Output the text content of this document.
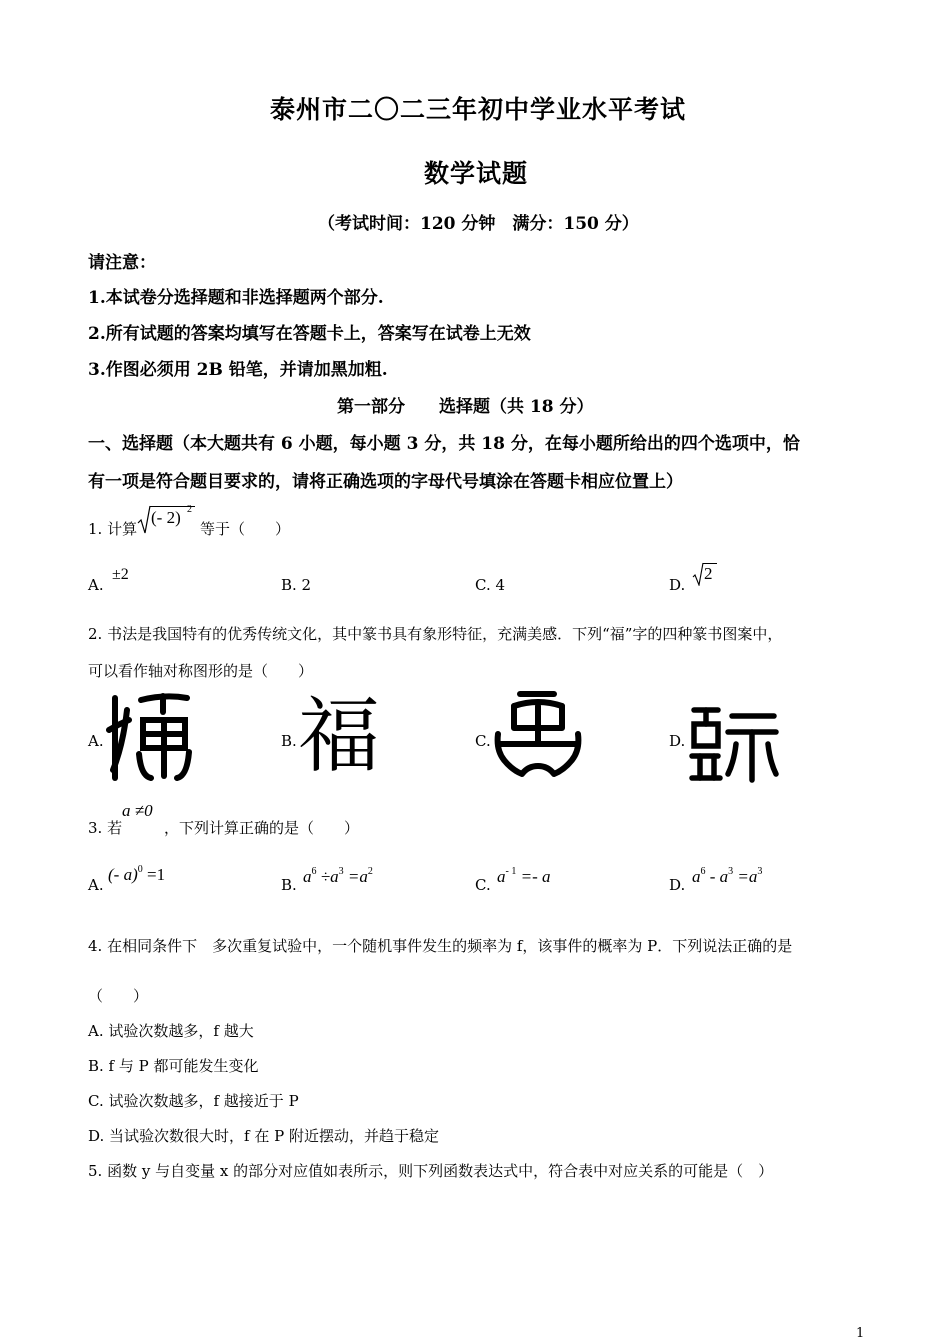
泰州市二〇二三年初中学业水平考试
数学试题
（考试时间：120 分钟　满分：150 分）
请注意：
1.本试卷分选择题和非选择题两个部分.
2.所有试题的答案均填写在答题卡上，答案写在试卷上无效
3.作图必须用 2B 铅笔，并请加黑加粗.
第一部分　　选择题（共 18 分）
一、选择题（本大题共有 6 小题，每小题 3 分，共 18 分，在每小题所给出的四个选项中，恰
有一项是符合题目要求的，请将正确选项的字母代号填涂在答题卡相应位置上）
1. 计算
(- 2) 2
等于（　　）
A.
±2
B. 2	C. 4	D.
2
2. 书法是我国特有的优秀传统文化，其中篆书具有象形特征，充满美感．下列“福”字的四种篆书图案中，
可以看作轴对称图形的是（　　）
A.	B. 福	C.	D.
3. 若
a ≠0
，下列计算正确的是（　　）
A.
(- a)$^0$ =1
B. $a^6 \div a^3 =a^2$
C. $a^{- 1} =- a$	D. $a^6 - a^3 =a^3$
4. 在相同条件下　多次重复试验中，一个随机事件发生的频率为 f，该事件的概率为 P．下列说法正确的是
（　　）
A. 试验次数越多，f 越大
B. f 与 P 都可能发生变化
C. 试验次数越多，f 越接近于 P
D. 当试验次数很大时，f 在 P 附近摆动，并趋于稳定
5. 函数 y 与自变量 x 的部分对应值如表所示，则下列函数表达式中，符合表中对应关系的可能是（　）
1
